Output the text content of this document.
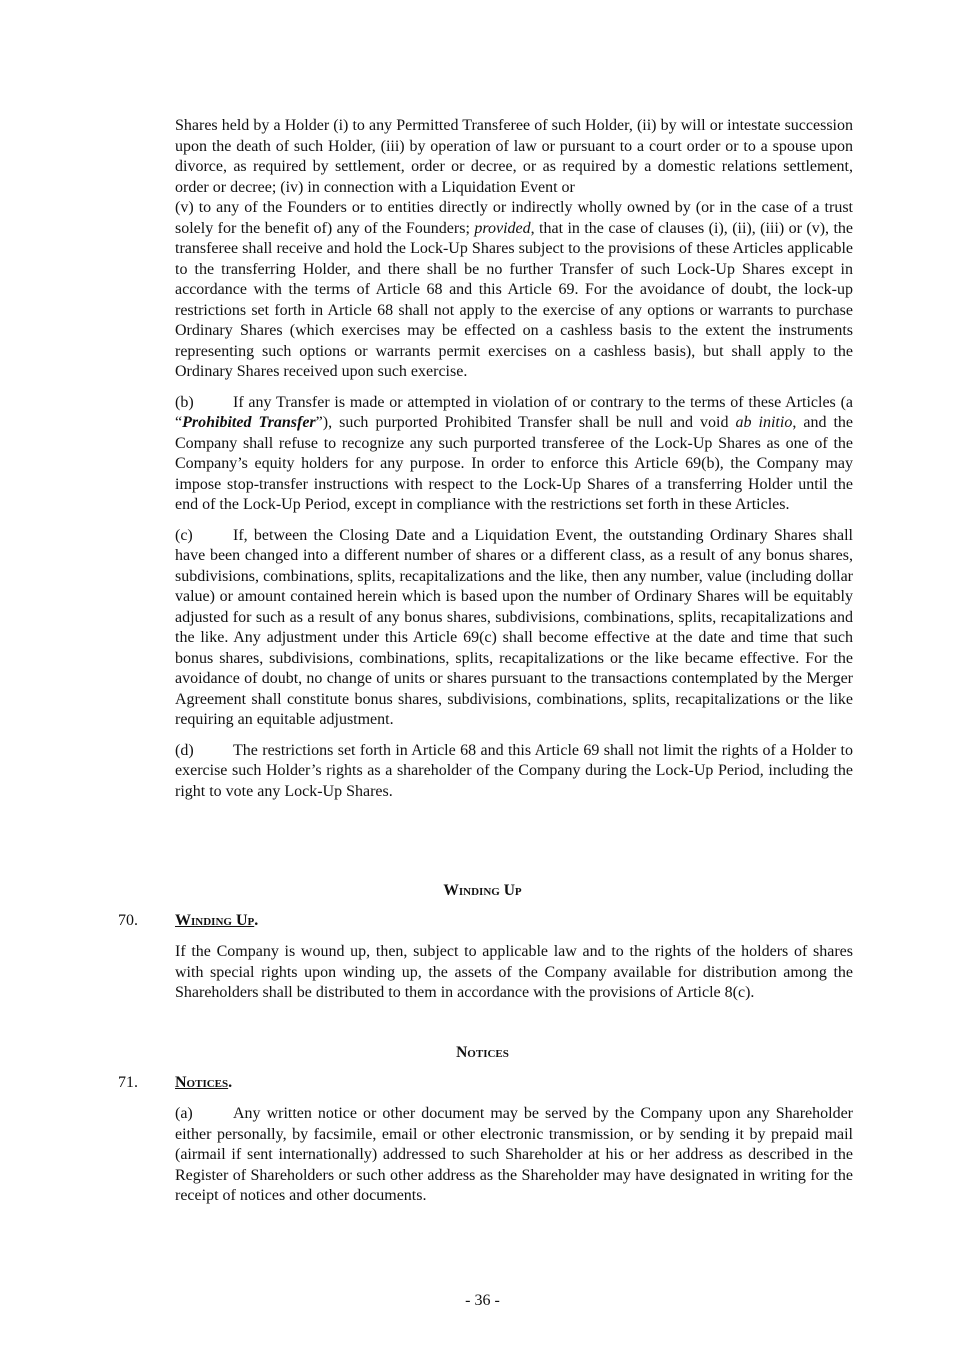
Shares held by a Holder (i) to any Permitted Transferee of such Holder, (ii) by will or intestate succession upon the death of such Holder, (iii) by operation of law or pursuant to a court order or to a spouse upon divorce, as required by settlement, order or decree, or as required by a domestic relations settlement, order or decree; (iv) in connection with a Liquidation Event or
(v) to any of the Founders or to entities directly or indirectly wholly owned by (or in the case of a trust solely for the benefit of) any of the Founders; provided, that in the case of clauses (i), (ii), (iii) or (v), the transferee shall receive and hold the Lock-Up Shares subject to the provisions of these Articles applicable to the transferring Holder, and there shall be no further Transfer of such Lock-Up Shares except in accordance with the terms of Article 68 and this Article 69. For the avoidance of doubt, the lock-up restrictions set forth in Article 68 shall not apply to the exercise of any options or warrants to purchase Ordinary Shares (which exercises may be effected on a cashless basis to the extent the instruments representing such options or warrants permit exercises on a cashless basis), but shall apply to the Ordinary Shares received upon such exercise.

(b) If any Transfer is made or attempted in violation of or contrary to the terms of these Articles (a “Prohibited Transfer”), such purported Prohibited Transfer shall be null and void ab initio, and the Company shall refuse to recognize any such purported transferee of the Lock-Up Shares as one of the Company’s equity holders for any purpose. In order to enforce this Article 69(b), the Company may impose stop-transfer instructions with respect to the Lock-Up Shares of a transferring Holder until the end of the Lock-Up Period, except in compliance with the restrictions set forth in these Articles.

(c)	If, between the Closing Date and a Liquidation Event, the outstanding Ordinary Shares shall have been changed into a different number of shares or a different class, as a result of any bonus shares, subdivisions, combinations, splits, recapitalizations and the like, then any number, value (including dollar value) or amount contained herein which is based upon the number of Ordinary Shares will be equitably adjusted for such as a result of any bonus shares, subdivisions, combinations, splits, recapitalizations and the like. Any adjustment under this Article 69(c) shall become effective at the date and time that such bonus shares, subdivisions, combinations, splits, recapitalizations or the like became effective. For the avoidance of doubt, no change of units or shares pursuant to the transactions contemplated by the Merger Agreement shall constitute bonus shares, subdivisions, combinations, splits, recapitalizations or the like requiring an equitable adjustment.

(d) The restrictions set forth in Article 68 and this Article 69 shall not limit the rights of a Holder to exercise such Holder’s rights as a shareholder of the Company during the Lock-Up Period, including the right to vote any Lock-Up Shares.

Winding Up
70. Winding Up.

If the Company is wound up, then, subject to applicable law and to the rights of the holders of shares with special rights upon winding up, the assets of the Company available for distribution among the Shareholders shall be distributed to them in accordance with the provisions of Article 8(c).

Notices
71. Notices.

(a)	Any written notice or other document may be served by the Company upon any Shareholder either personally, by facsimile, email or other electronic transmission, or by sending it by prepaid mail (airmail if sent internationally) addressed to such Shareholder at his or her address as described in the Register of Shareholders or such other address as the Shareholder may have designated in writing for the receipt of notices and other documents.

- 36 -
